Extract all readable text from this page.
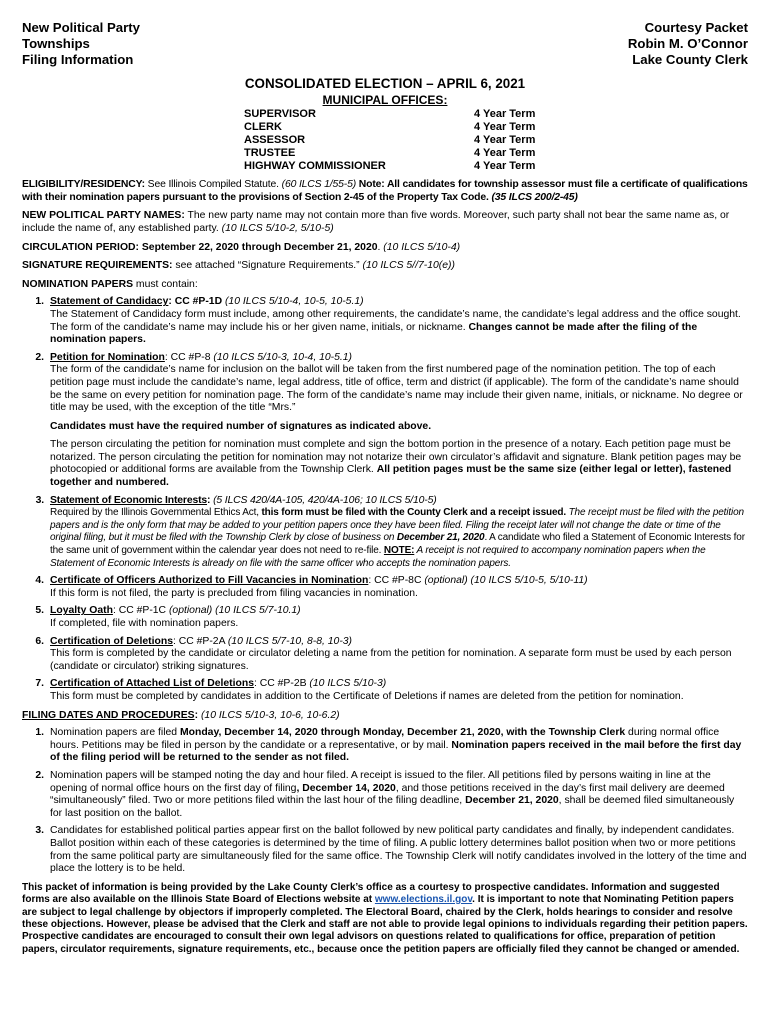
New Political Party
Townships
Filing Information
Courtesy Packet
Robin M. O’Connor
Lake County Clerk
CONSOLIDATED ELECTION – APRIL 6, 2021
MUNICIPAL OFFICES:
SUPERVISOR	4 Year Term
CLERK	4 Year Term
ASSESSOR	4 Year Term
TRUSTEE	4 Year Term
HIGHWAY COMMISSIONER	4 Year Term

ELIGIBILITY/RESIDENCY: See Illinois Compiled Statute. (60 ILCS 1/55-5) Note: All candidates for township assessor must file a certificate of qualifications with their nomination papers pursuant to the provisions of Section 2-45 of the Property Tax Code. (35 ILCS 200/2-45)

NEW POLITICAL PARTY NAMES: The new party name may not contain more than five words. Moreover, such party shall not bear the same name as, or include the name of, any established party. (10 ILCS 5/10-2, 5/10-5)

CIRCULATION PERIOD: September 22, 2020 through December 21, 2020. (10 ILCS 5/10-4)

SIGNATURE REQUIREMENTS: see attached “Signature Requirements.” (10 ILCS 5//7-10(e))

NOMINATION PAPERS must contain:

1. Statement of Candidacy: CC #P-1D (10 ILCS 5/10-4, 10-5, 10-5.1)
The Statement of Candidacy form must include, among other requirements, the candidate’s name, the candidate’s legal address and the office sought. The form of the candidate’s name may include his or her given name, initials, or nickname. Changes cannot be made after the filing of the nomination papers.
2. Petition for Nomination: CC #P-8 (10 ILCS 5/10-3, 10-4, 10-5.1)
The form of the candidate’s name for inclusion on the ballot will be taken from the first numbered page of the nomination petition. The top of each petition page must include the candidate’s name, legal address, title of office, term and district (if applicable). The form of the candidate’s name should be the same on every petition for nomination page. The form of the candidate’s name may include their given name, initials, or nickname. No degree or title may be used, with the exception of the title “Mrs.”

Candidates must have the required number of signatures as indicated above.

The person circulating the petition for nomination must complete and sign the bottom portion in the presence of a notary. Each petition page must be notarized. The person circulating the petition for nomination may not notarize their own circulator’s affidavit and signature. Blank petition pages may be photocopied or additional forms are available from the Township Clerk. All petition pages must be the same size (either legal or letter), fastened together and numbered.

3. Statement of Economic Interests: (5 ILCS 420/4A-105, 420/4A-106; 10 ILCS 5/10-5)
Required by the Illinois Governmental Ethics Act, this form must be filed with the County Clerk and a receipt issued. The receipt must be filed with the petition papers and is the only form that may be added to your petition papers once they have been filed. Filing the receipt later will not change the date or time of the original filing, but it must be filed with the Township Clerk by close of business on December 21, 2020. A candidate who filed a Statement of Economic Interests for the same unit of government within the calendar year does not need to re-file. NOTE: A receipt is not required to accompany nomination papers when the Statement of Economic Interests is already on file with the same officer who accepts the nomination papers.
4. Certificate of Officers Authorized to Fill Vacancies in Nomination: CC #P-8C (optional) (10 ILCS 5/10-5, 5/10-11)
If this form is not filed, the party is precluded from filing vacancies in nomination.
5. Loyalty Oath: CC #P-1C (optional) (10 ILCS 5/7-10.1)
If completed, file with nomination papers.
6. Certification of Deletions: CC #P-2A (10 ILCS 5/7-10, 8-8, 10-3)
This form is completed by the candidate or circulator deleting a name from the petition for nomination. A separate form must be used by each person (candidate or circulator) striking signatures.
7. Certification of Attached List of Deletions: CC #P-2B (10 ILCS 5/10-3)
This form must be completed by candidates in addition to the Certificate of Deletions if names are deleted from the petition for nomination.

FILING DATES AND PROCEDURES: (10 ILCS 5/10-3, 10-6, 10-6.2)

1. Nomination papers are filed Monday, December 14, 2020 through Monday, December 21, 2020, with the Township Clerk during normal office hours. Petitions may be filed in person by the candidate or a representative, or by mail. Nomination papers received in the mail before the first day of the filing period will be returned to the sender as not filed.
2. Nomination papers will be stamped noting the day and hour filed. A receipt is issued to the filer. All petitions filed by persons waiting in line at the opening of normal office hours on the first day of filing, December 14, 2020, and those petitions received in the day’s first mail delivery are deemed “simultaneously” filed. Two or more petitions filed within the last hour of the filing deadline, December 21, 2020, shall be deemed filed simultaneously for last position on the ballot.
3. Candidates for established political parties appear first on the ballot followed by new political party candidates and finally, by independent candidates. Ballot position within each of these categories is determined by the time of filing. A public lottery determines ballot position when two or more petitions from the same political party are simultaneously filed for the same office. The Township Clerk will notify candidates involved in the lottery of the time and place the lottery is to be held.
This packet of information is being provided by the Lake County Clerk’s office as a courtesy to prospective candidates. Information and suggested forms are also available on the Illinois State Board of Elections website at www.elections.il.gov. It is important to note that Nominating Petition papers are subject to legal challenge by objectors if improperly completed. The Electoral Board, chaired by the Clerk, holds hearings to consider and resolve these objections. However, please be advised that the Clerk and staff are not able to provide legal opinions to individuals regarding their petition papers. Prospective candidates are encouraged to consult their own legal advisors on questions related to qualifications for office, preparation of petition papers, circulator requirements, signature requirements, etc., because once the petition papers are officially filed they cannot be changed or amended.
